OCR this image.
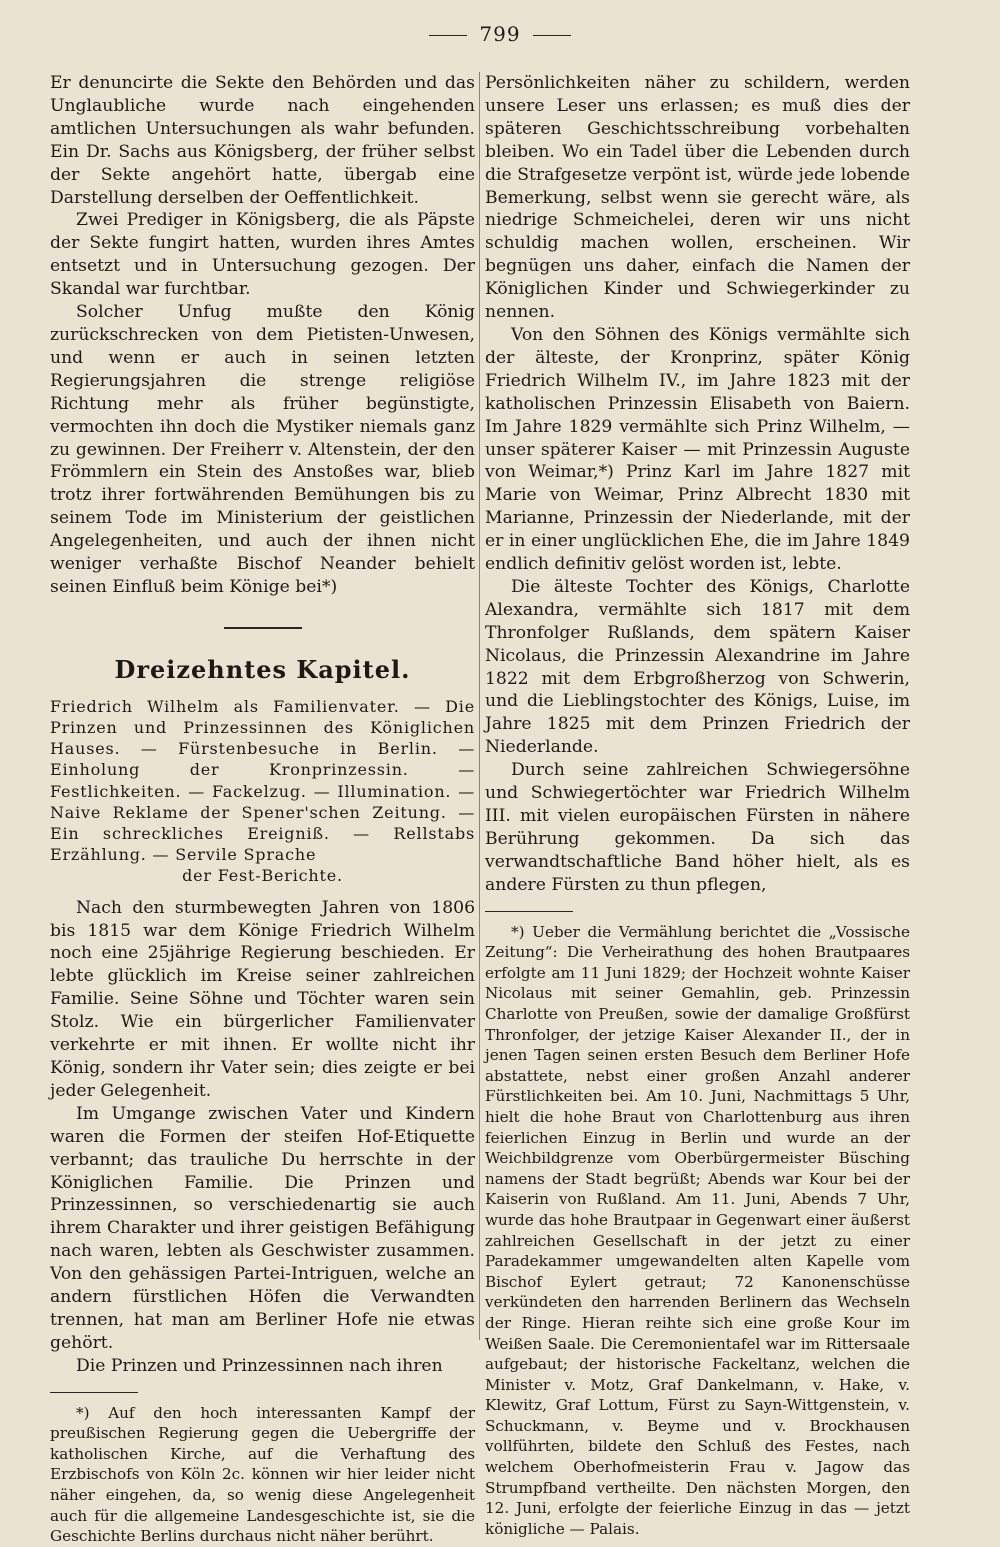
799

Er denuncirte die Sekte den Behörden und das Unglaubliche wurde nach eingehenden amtlichen Untersuchungen als wahr befunden. Ein Dr. Sachs aus Königsberg, der früher selbst der Sekte angehört hatte, übergab eine Darstellung derselben der Oeffentlichkeit.

Zwei Prediger in Königsberg, die als Päpste der Sekte fungirt hatten, wurden ihres Amtes entsetzt und in Untersuchung gezogen. Der Skandal war furchtbar.

Solcher Unfug mußte den König zurückschrecken von dem Pietisten-Unwesen, und wenn er auch in seinen letzten Regierungsjahren die strenge religiöse Richtung mehr als früher begünstigte, vermochten ihn doch die Mystiker niemals ganz zu gewinnen. Der Freiherr v. Altenstein, der den Frömmlern ein Stein des Anstoßes war, blieb trotz ihrer fortwährenden Bemühungen bis zu seinem Tode im Ministerium der geistlichen Angelegenheiten, und auch der ihnen nicht weniger verhaßte Bischof Neander behielt seinen Einfluß beim Könige bei*)

Dreizehntes Kapitel.
Friedrich Wilhelm als Familienvater. — Die Prinzen und Prinzessinnen des Königlichen Hauses. — Fürstenbesuche in Berlin. — Einholung der Kronprinzessin. — Festlichkeiten. — Fackelzug. — Illumination. — Naive Reklame der Spener'schen Zeitung. — Ein schreckliches Ereigniß. — Rellstabs Erzählung. — Servile Sprache
der Fest-Berichte.

Nach den sturmbewegten Jahren von 1806 bis 1815 war dem Könige Friedrich Wilhelm noch eine 25jährige Regierung beschieden. Er lebte glücklich im Kreise seiner zahlreichen Familie. Seine Söhne und Töchter waren sein Stolz. Wie ein bürgerlicher Familienvater verkehrte er mit ihnen. Er wollte nicht ihr König, sondern ihr Vater sein; dies zeigte er bei jeder Gelegenheit.

Im Umgange zwischen Vater und Kindern waren die Formen der steifen Hof-Etiquette verbannt; das trauliche Du herrschte in der Königlichen Familie. Die Prinzen und Prinzessinnen, so verschiedenartig sie auch ihrem Charakter und ihrer geistigen Befähigung nach waren, lebten als Geschwister zusammen. Von den gehässigen Partei-Intriguen, welche an andern fürstlichen Höfen die Verwandten trennen, hat man am Berliner Hofe nie etwas gehört.

Die Prinzen und Prinzessinnen nach ihren

*) Auf den hoch interessanten Kampf der preußischen Regierung gegen die Uebergriffe der katholischen Kirche, auf die Verhaftung des Erzbischofs von Köln 2c. können wir hier leider nicht näher eingehen, da, so wenig diese Angelegenheit auch für die allgemeine Landesgeschichte ist, sie die Geschichte Berlins durchaus nicht näher berührt.

Persönlichkeiten näher zu schildern, werden unsere Leser uns erlassen; es muß dies der späteren Geschichtsschreibung vorbehalten bleiben. Wo ein Tadel über die Lebenden durch die Strafgesetze verpönt ist, würde jede lobende Bemerkung, selbst wenn sie gerecht wäre, als niedrige Schmeichelei, deren wir uns nicht schuldig machen wollen, erscheinen. Wir begnügen uns daher, einfach die Namen der Königlichen Kinder und Schwiegerkinder zu nennen.

Von den Söhnen des Königs vermählte sich der älteste, der Kronprinz, später König Friedrich Wilhelm IV., im Jahre 1823 mit der katholischen Prinzessin Elisabeth von Baiern. Im Jahre 1829 vermählte sich Prinz Wilhelm, — unser späterer Kaiser — mit Prinzessin Auguste von Weimar,*) Prinz Karl im Jahre 1827 mit Marie von Weimar, Prinz Albrecht 1830 mit Marianne, Prinzessin der Niederlande, mit der er in einer unglücklichen Ehe, die im Jahre 1849 endlich definitiv gelöst worden ist, lebte.

Die älteste Tochter des Königs, Charlotte Alexandra, vermählte sich 1817 mit dem Thronfolger Rußlands, dem spätern Kaiser Nicolaus, die Prinzessin Alexandrine im Jahre 1822 mit dem Erbgroßherzog von Schwerin, und die Lieblingstochter des Königs, Luise, im Jahre 1825 mit dem Prinzen Friedrich der Niederlande.

Durch seine zahlreichen Schwiegersöhne und Schwiegertöchter war Friedrich Wilhelm III. mit vielen europäischen Fürsten in nähere Berührung gekommen. Da sich das verwandtschaftliche Band höher hielt, als es andere Fürsten zu thun pflegen,

*) Ueber die Vermählung berichtet die „Vossische Zeitung“: Die Verheirathung des hohen Brautpaares erfolgte am 11 Juni 1829; der Hochzeit wohnte Kaiser Nicolaus mit seiner Gemahlin, geb. Prinzessin Charlotte von Preußen, sowie der damalige Großfürst Thronfolger, der jetzige Kaiser Alexander II., der in jenen Tagen seinen ersten Besuch dem Berliner Hofe abstattete, nebst einer großen Anzahl anderer Fürstlichkeiten bei. Am 10. Juni, Nachmittags 5 Uhr, hielt die hohe Braut von Charlottenburg aus ihren feierlichen Einzug in Berlin und wurde an der Weichbildgrenze vom Oberbürgermeister Büsching namens der Stadt begrüßt; Abends war Kour bei der Kaiserin von Rußland. Am 11. Juni, Abends 7 Uhr, wurde das hohe Brautpaar in Gegenwart einer äußerst zahlreichen Gesellschaft in der jetzt zu einer Paradekammer umgewandelten alten Kapelle vom Bischof Eylert getraut; 72 Kanonenschüsse verkündeten den harrenden Berlinern das Wechseln der Ringe. Hieran reihte sich eine große Kour im Weißen Saale. Die Ceremonientafel war im Rittersaale aufgebaut; der historische Fackeltanz, welchen die Minister v. Motz, Graf Dankelmann, v. Hake, v. Klewitz, Graf Lottum, Fürst zu Sayn-Wittgenstein, v. Schuckmann, v. Beyme und v. Brockhausen vollführten, bildete den Schluß des Festes, nach welchem Oberhofmeisterin Frau v. Jagow das Strumpfband vertheilte. Den nächsten Morgen, den 12. Juni, erfolgte der feierliche Einzug in das — jetzt königliche — Palais.
